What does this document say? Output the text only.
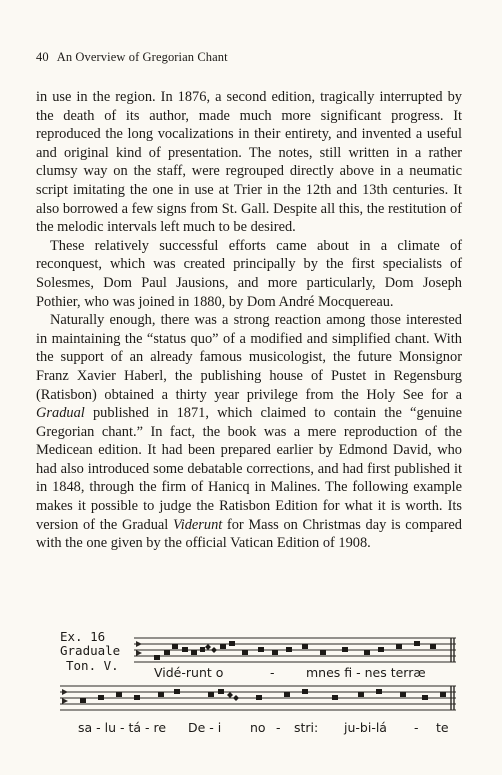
40 An Overview of Gregorian Chant

in use in the region. In 1876, a second edition, tragically interrupted by the death of its author, made much more significant progress. It reproduced the long vocalizations in their entirety, and invented a useful and original kind of presentation. The notes, still written in a rather clumsy way on the staff, were regrouped directly above in a neumatic script imitating the one in use at Trier in the 12th and 13th centuries. It also borrowed a few signs from St. Gall. Despite all this, the restitution of the melodic intervals left much to be desired.

These relatively successful efforts came about in a climate of reconquest, which was created principally by the first specialists of Solesmes, Dom Paul Jausions, and more particularly, Dom Joseph Pothier, who was joined in 1880, by Dom André Mocquereau.

Naturally enough, there was a strong reaction among those interested in maintaining the “status quo” of a modified and simplified chant. With the support of an already famous musicologist, the future Monsignor Franz Xavier Haberl, the publishing house of Pustet in Regensburg (Ratisbon) obtained a thirty year privilege from the Holy See for a Gradual published in 1871, which claimed to contain the “genuine Gregorian chant.” In fact, the book was a mere reproduction of the Medicean edition. It had been prepared earlier by Edmond David, who had also introduced some debatable corrections, and had first published it in 1848, through the firm of Hanicq in Malines. The following example makes it possible to judge the Ratisbon Edition for what it is worth. Its version of the Gradual Viderunt for Mass on Christmas day is compared with the one given by the official Vatican Edition of 1908.

Ex. 16
Graduale
Ton. V.	Vidé-runt o	-	mnes fi - nes terræ
sa - lu - tá - re De - i no - stri: ju-bi-lá - te
